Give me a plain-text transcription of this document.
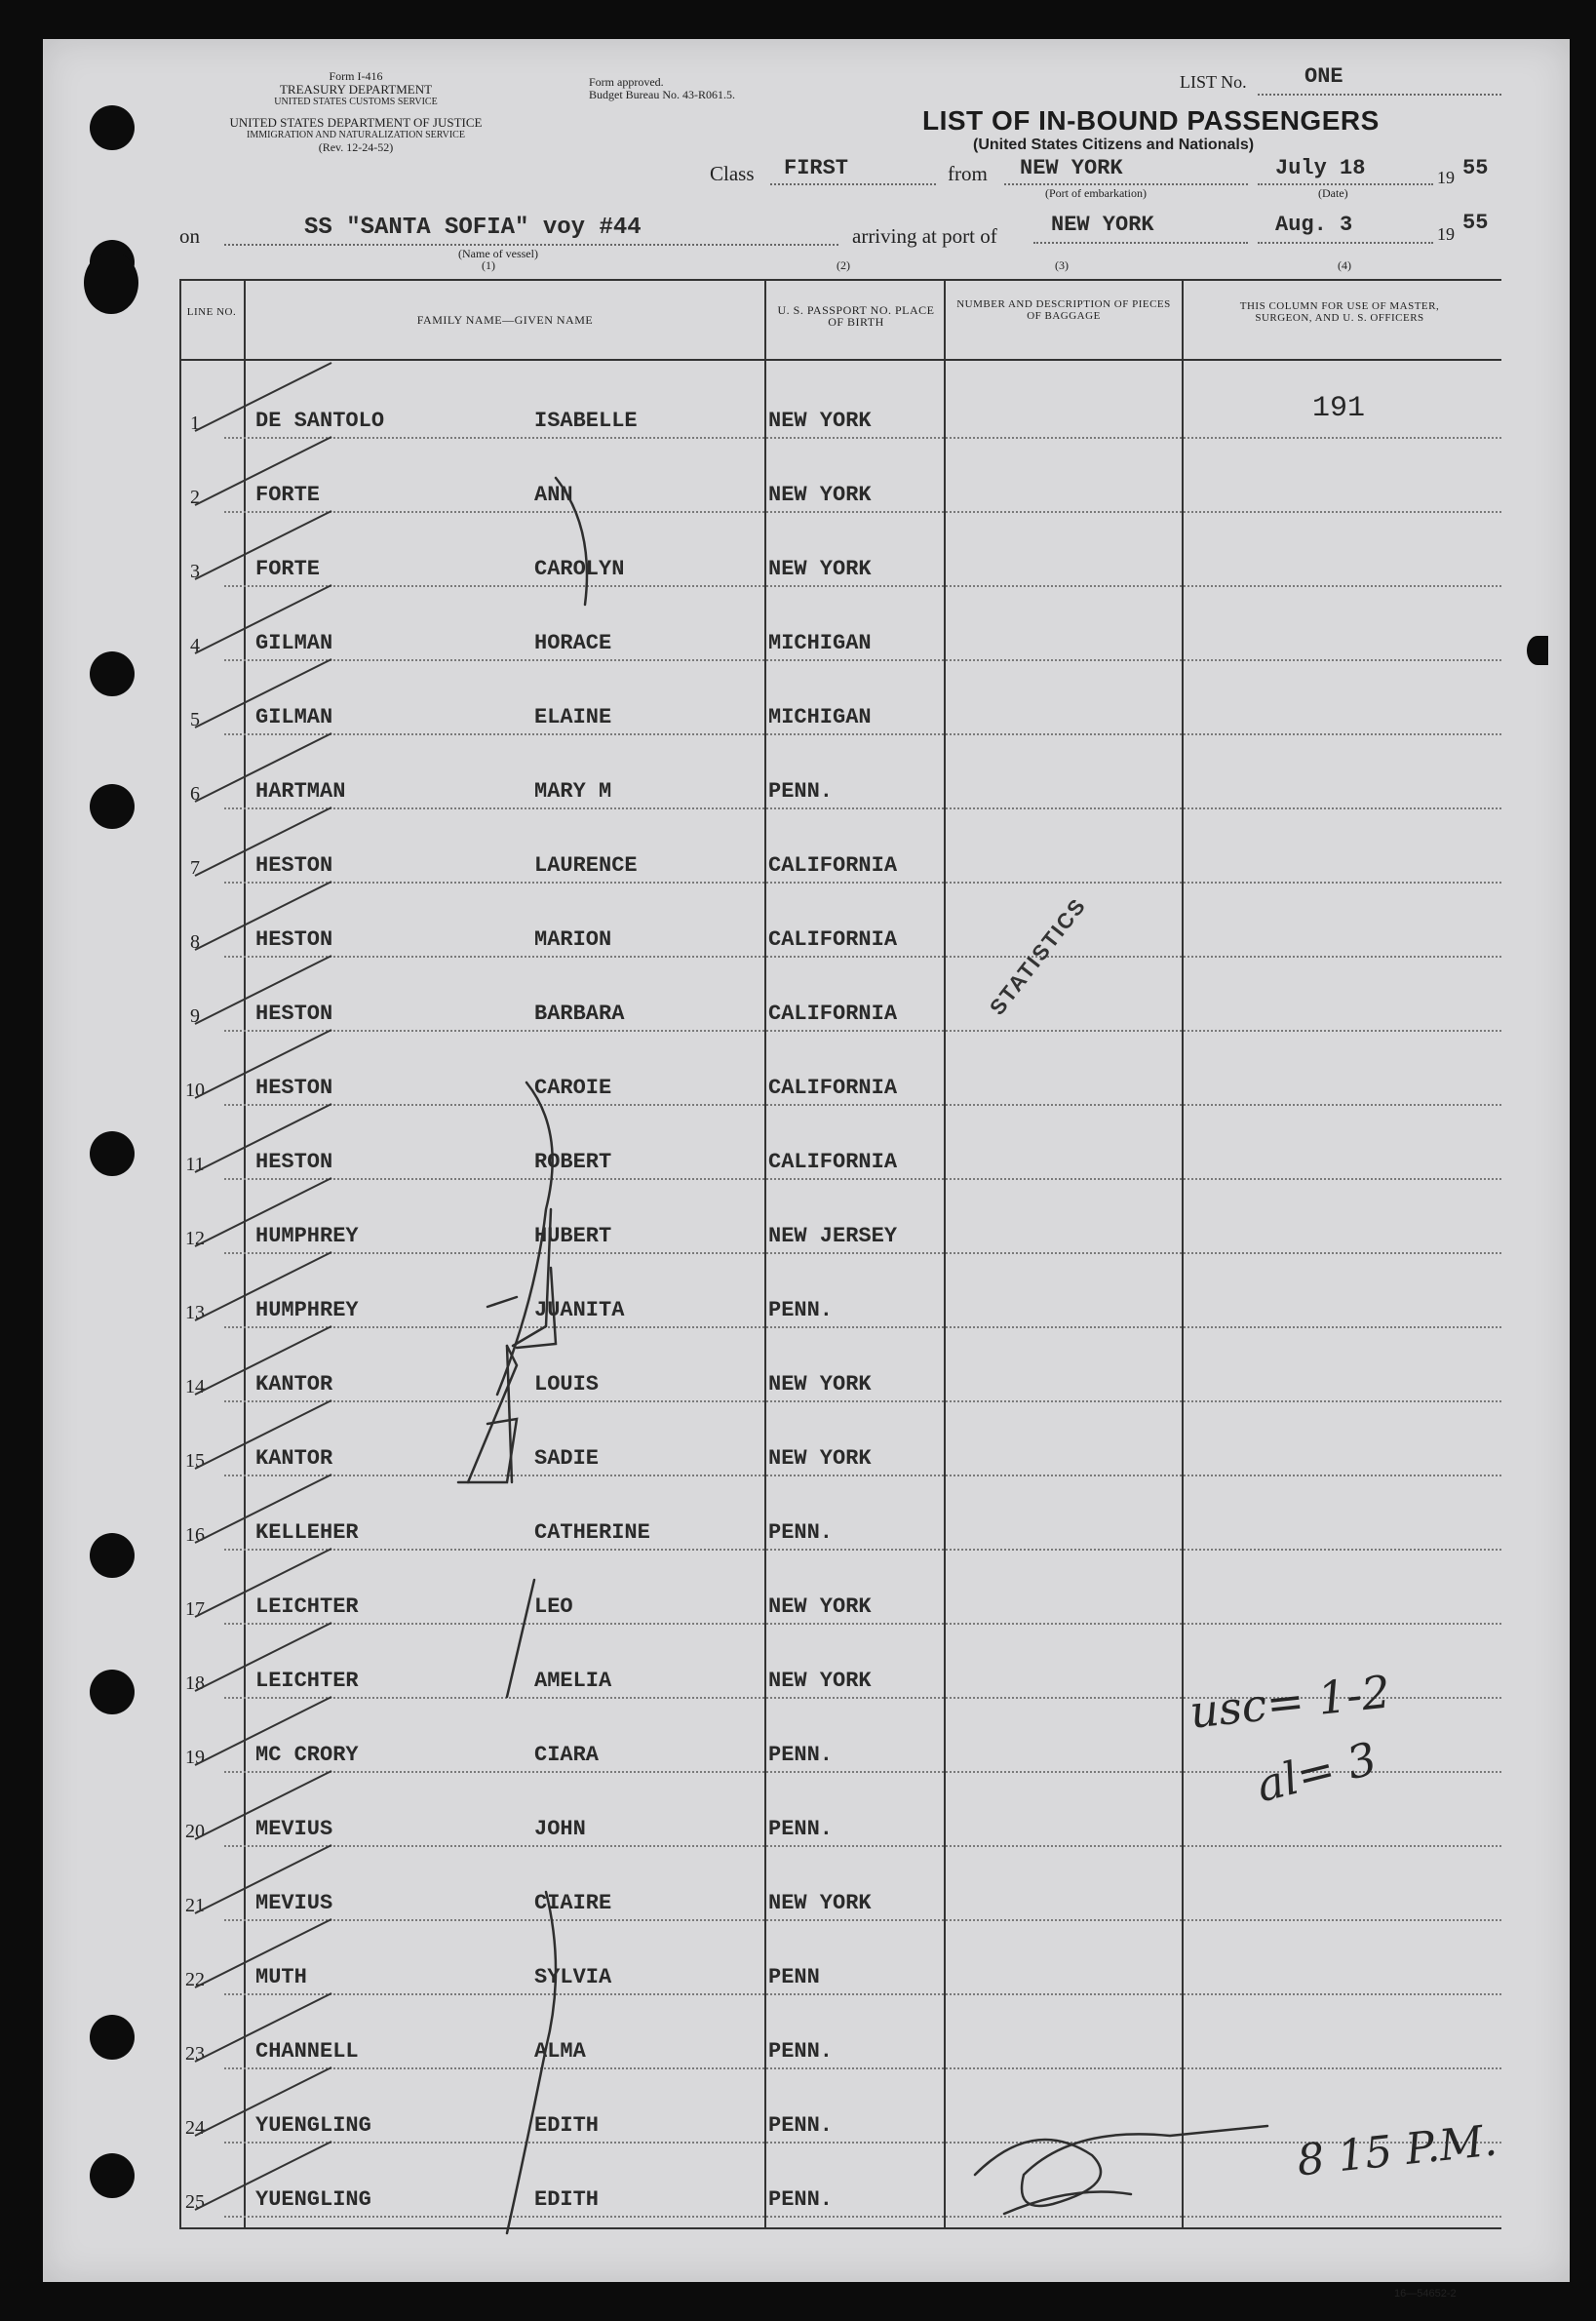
Form I-416
TREASURY DEPARTMENT
UNITED STATES CUSTOMS SERVICE
UNITED STATES DEPARTMENT OF JUSTICE
IMMIGRATION AND NATURALIZATION SERVICE
(Rev. 12-24-52)
Form approved.
Budget Bureau No. 43-R061.5.
LIST No.	ONE
LIST OF IN-BOUND PASSENGERS
(United States Citizens and Nationals)
Class FIRST	from NEW YORK
(Port of embarkation)
July 18
(Date)
19 55
on	SS "SANTA SOFIA" voy #44
(Name of vessel)
(1)
arriving at port of
(2)
NEW YORK
(3)
Aug. 3
(4)
19 55
LINE NO.
FAMILY NAME—GIVEN NAME
U. S. PASSPORT NO. PLACE OF BIRTH
NUMBER AND DESCRIPTION OF PIECES OF BAGGAGE
THIS COLUMN FOR USE OF MASTER, SURGEON, AND U. S. OFFICERS
1	DE SANTOLO	ISABELLE	NEW YORK
2	FORTE	ANN	NEW YORK
3	FORTE	CAROLYN	NEW YORK
4	GILMAN	HORACE	MICHIGAN
5	GILMAN	ELAINE	MICHIGAN
6	HARTMAN	MARY M	PENN.
7	HESTON	LAURENCE	CALIFORNIA
8	HESTON	MARION	CALIFORNIA
9	HESTON	BARBARA	CALIFORNIA
10	HESTON	CAROIE	CALIFORNIA
11	HESTON	ROBERT	CALIFORNIA
12	HUMPHREY	HUBERT	NEW JERSEY
13	HUMPHREY	JUANITA	PENN.
14	KANTOR	LOUIS	NEW YORK
15	KANTOR	SADIE	NEW YORK
16	KELLEHER	CATHERINE	PENN.
17	LEICHTER	LEO	NEW YORK
18	LEICHTER	AMELIA	NEW YORK
19	MC CRORY	CIARA	PENN.
20	MEVIUS	JOHN	PENN.
21	MEVIUS	CIAIRE	NEW YORK
22	MUTH	SYLVIA	PENN
23	CHANNELL	ALMA	PENN.
24	YUENGLING	EDITH	PENN.
25	YUENGLING	EDITH	PENN.
191
STATISTICS
usc= 1-2
al= 3
8 15 P.M.
16—54652-2
